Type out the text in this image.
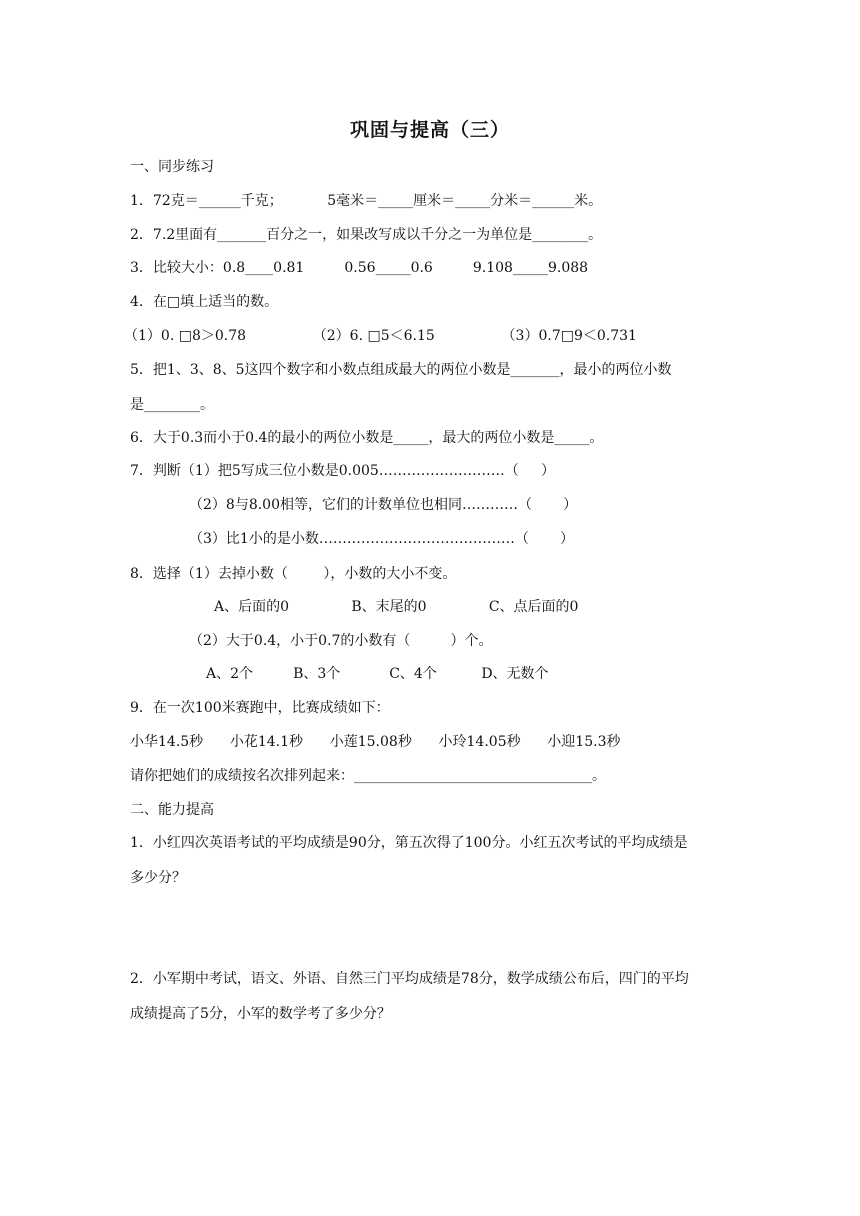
巩固与提高（三）
一、同步练习
1．72克＝______千克；          5毫米＝_____厘米＝_____分米＝______米。
2．7.2里面有_______百分之一，如果改写成以千分之一为单位是________。
3．比较大小：0.8____0.81         0.56_____0.6         9.108_____9.088
4．在□填上适当的数。
（1）0. □8＞0.78               （2）6. □5＜6.15               （3）0.7□9＜0.731
5．把1、3、8、5这四个数字和小数点组成最大的两位小数是_______，最小的两位小数
是________。
6．大于0.3而小于0.4的最小的两位小数是_____，最大的两位小数是_____。
7．判断（1）把5写成三位小数是0.005………………………（     ）
（2）8与8.00相等，它们的计数单位也相同…………（       ）
（3）比1小的是小数……………………………………（       ）
8．选择（1）去掉小数（        ），小数的大小不变。
A、后面的0              B、末尾的0              C、点后面的0
（2）大于0.4，小于0.7的小数有（         ）个。
A、2个         B、3个           C、4个          D、无数个
9．在一次100米赛跑中，比赛成绩如下：
小华14.5秒      小花14.1秒      小莲15.08秒      小玲14.05秒      小迎15.3秒
请你把她们的成绩按名次排列起来：__________________________________。
二、能力提高
1．小红四次英语考试的平均成绩是90分，第五次得了100分。小红五次考试的平均成绩是
多少分？
2．小军期中考试，语文、外语、自然三门平均成绩是78分，数学成绩公布后，四门的平均
成绩提高了5分，小军的数学考了多少分？
